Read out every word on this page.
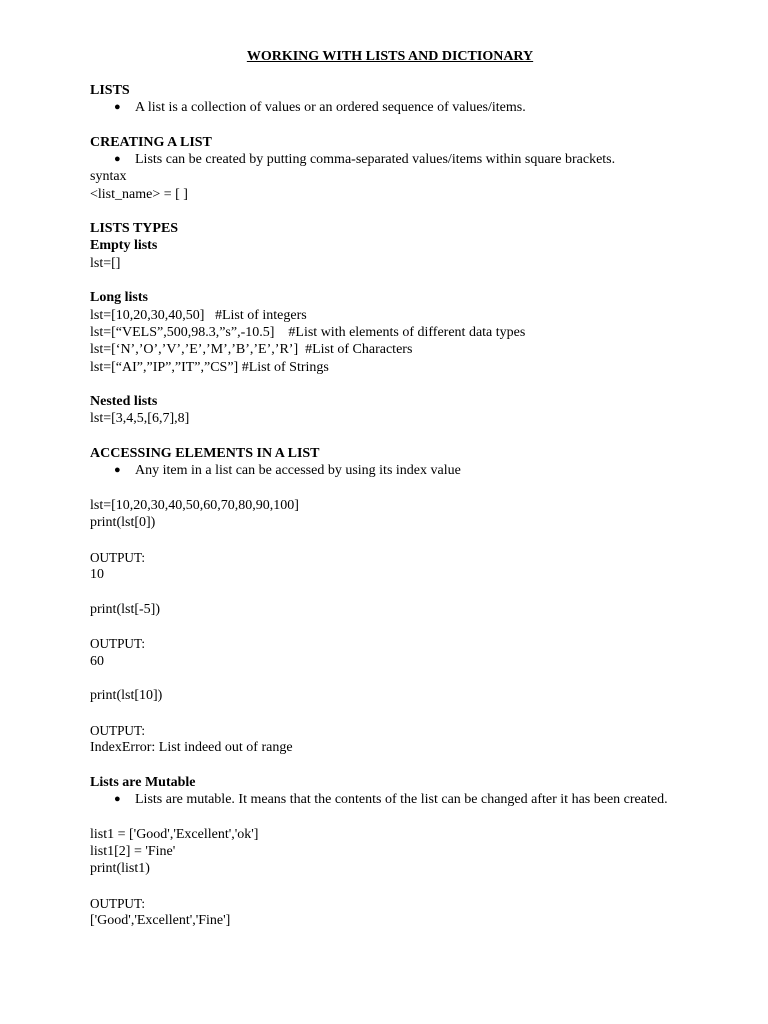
WORKING WITH LISTS AND DICTIONARY
LISTS
●	A list is a collection of values or an ordered sequence of values/items.
CREATING A LIST
●	Lists can be created by putting comma-separated values/items within square brackets.
syntax
<list_name> = [ ]
LISTS TYPES
Empty lists
lst=[]
Long lists
lst=[10,20,30,40,50]   #List of integers
lst=[“VELS”,500,98.3,”s”,-10.5]    #List with elements of different data types
lst=[‘N’,’O’,’V’,’E’,’M’,’B’,’E’,’R’]  #List of Characters
lst=[“AI”,”IP”,”IT”,”CS”] #List of Strings
Nested lists
lst=[3,4,5,[6,7],8]
ACCESSING ELEMENTS IN A LIST
●	Any item in a list can be accessed by using its index value
lst=[10,20,30,40,50,60,70,80,90,100]
print(lst[0])
OUTPUT:
10
print(lst[-5])
OUTPUT:
60
print(lst[10])
OUTPUT:
IndexError: List indeed out of range
Lists are Mutable
●	Lists are mutable. It means that the contents of the list can be changed after it has been created.
list1 = ['Good','Excellent','ok']
list1[2] = 'Fine'
print(list1)
OUTPUT:
['Good','Excellent','Fine']
